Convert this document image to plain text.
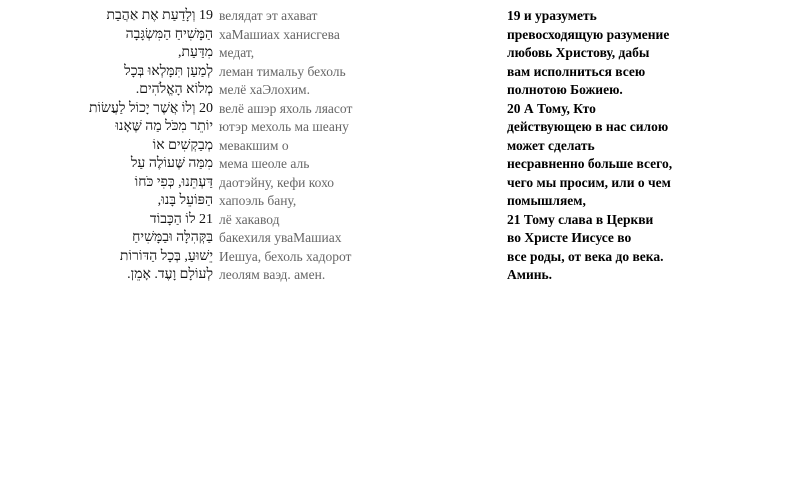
19 וְלָדַעַת אֶת אַהֲבַת
הַמָּשִׁיחַ הַמִּשְׂגָּבָה
מִדַּעַת,
לְמַעַן תִּמָּלְאוּ בְּכָל
מְלוֹא הָאֱלֹהִים.
20 וְלוֹ אֲשֶׁר יָכוֹל לַעֲשׂוֹת
יוֹתֵר מִכֹּל מַה שֶּׁאָנוּ
מְבַקְשִׁים אוֹ
מִמַּה שֶּׁעוֹלֶה עַל
דַּעְתֵּנוּ, כְּפִי כֹּחוֹ
הַפּוֹעֵל בָּנוּ,
21 לוֹ הַכָּבוֹד
בַּקְּהִלָּה וּבַמָּשִׁיחַ
יֵשׁוּעַ, בְּכָל הַדּוֹרוֹת
לְעוֹלָם וָעֶד. אָמֵן.
велядат эт ахават
хаМашиах ханисгева
медат,
леман тимальу бехоль
мелё хаЭлохим.
велё ашэр яхоль ляасот
ютэр мехоль ма шеану
мевакшим о
мема шеоле аль
даотэйну, кефи кохо
хапоэль бану,
лё хакавод
бакехиля уваМашиах
Иешуа, бехоль хадорот
леолям ваэд. амен.
19 и уразуметь
превосходящую разумение
любовь Христову, дабы
вам исполниться всею
полнотою Божиею.
20 А Тому, Кто
действующею в нас силою
может сделать
несравненно больше всего,
чего мы просим, или о чем
помышляем,
21 Тому слава в Церкви
во Христе Иисусе во
все роды, от века до века.
Аминь.
